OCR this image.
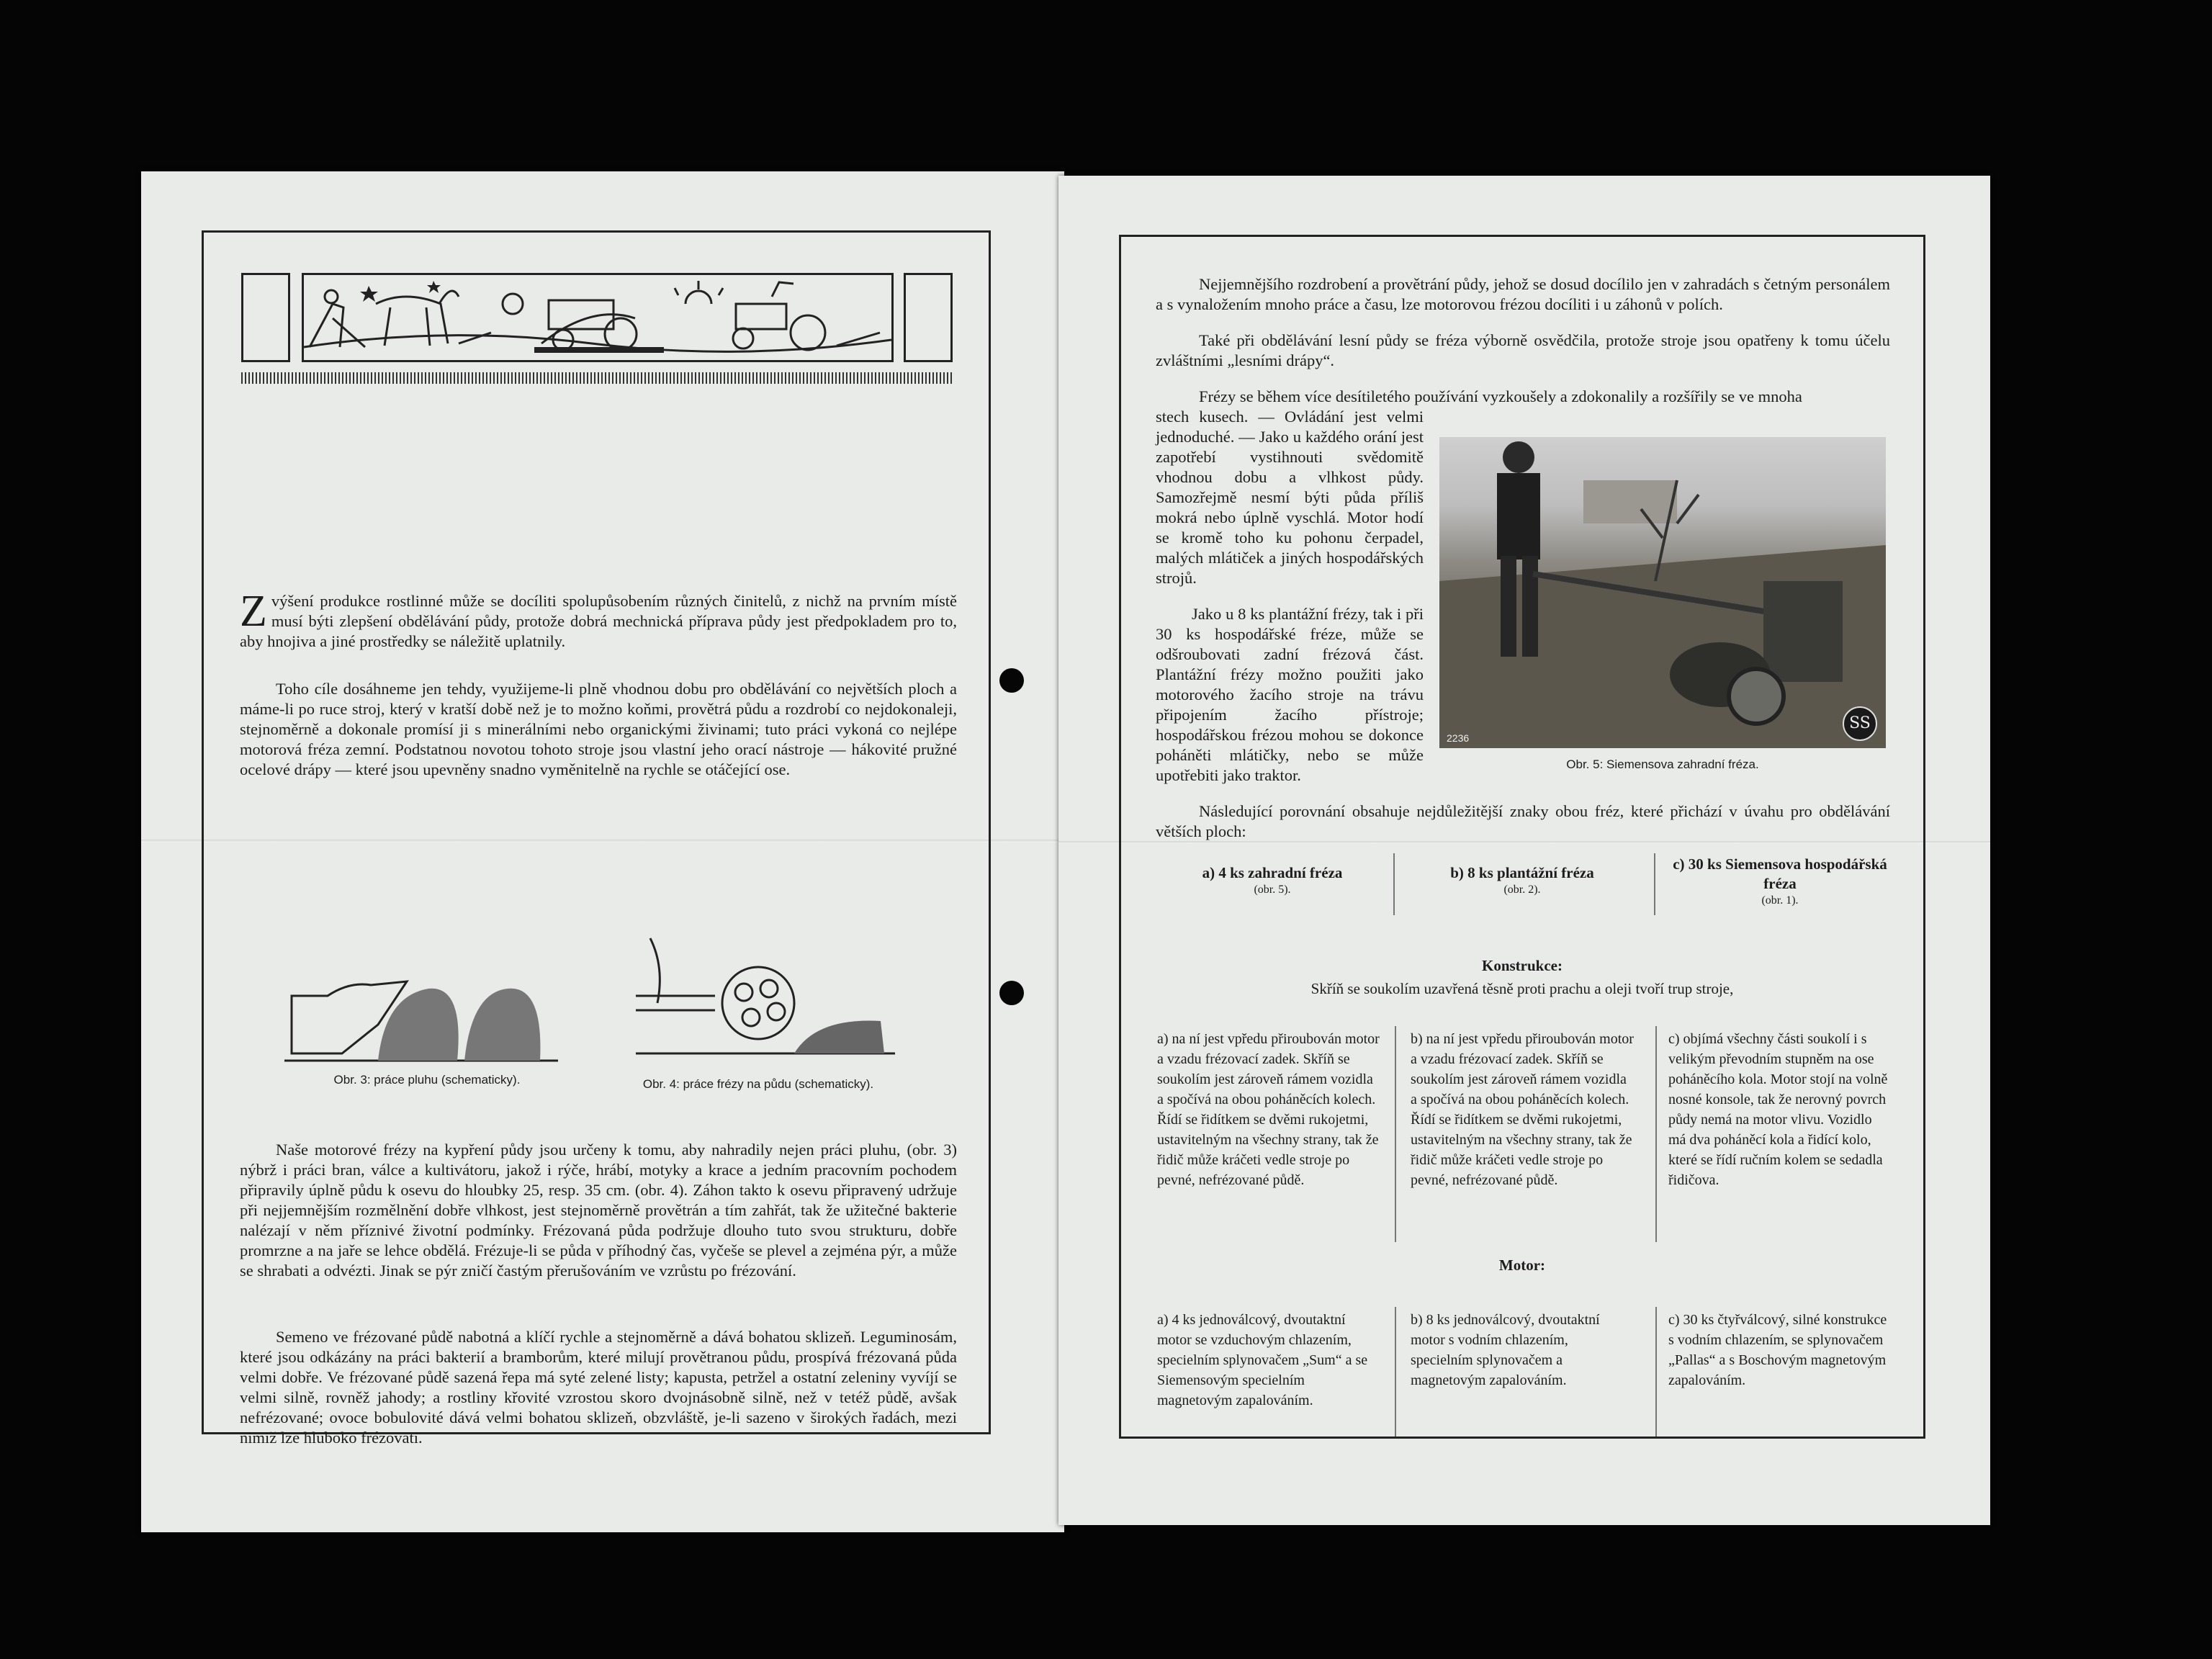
Zvýšení produkce rostlinné může se docíliti spolupůsobením různých činitelů, z nichž na prvním místě musí býti zlepšení obdělávání půdy, protože dobrá mechnická příprava půdy jest předpokladem pro to, aby hnojiva a jiné prostředky se náležitě uplatnily.

Toho cíle dosáhneme jen tehdy, využijeme-li plně vhodnou dobu pro obdělávání co největších ploch a máme-li po ruce stroj, který v kratší době než je to možno koňmi, provětrá půdu a rozdrobí co nejdokonaleji, stejnoměrně a dokonale promísí ji s minerálními nebo organickými živinami; tuto práci vykoná co nejlépe motorová fréza zemní. Podstatnou novotou tohoto stroje jsou vlastní jeho orací nástroje — hákovité pružné ocelové drápy — které jsou upevněny snadno vyměnitelně na rychle se otáčející ose.

Obr. 3: práce pluhu (schematicky).	Obr. 4: práce frézy na půdu (schematicky).

Naše motorové frézy na kypření půdy jsou určeny k tomu, aby nahradily nejen práci pluhu, (obr. 3) nýbrž i práci bran, válce a kultivátoru, jakož i rýče, hrábí, motyky a krace a jedním pracovním pochodem připravily úplně půdu k osevu do hloubky 25, resp. 35 cm. (obr. 4). Záhon takto k osevu připravený udržuje při nejjemnějším rozmělnění dobře vlhkost, jest stejnoměrně provětrán a tím zahřát, tak že užitečné bakterie nalézají v něm příznivé životní podmínky. Frézovaná půda podržuje dlouho tuto svou strukturu, dobře promrzne a na jaře se lehce obdělá. Frézuje-li se půda v příhodný čas, vyčeše se plevel a zejména pýr, a může se shrabati a odvézti. Jinak se pýr zničí častým přerušováním ve vzrůstu po frézování.

Semeno ve frézované půdě nabotná a klíčí rychle a stejnoměrně a dává bohatou sklizeň. Leguminosám, které jsou odkázány na práci bakterií a bramborům, které milují provětranou půdu, prospívá frézovaná půda velmi dobře. Ve frézované půdě sazená řepa má syté zelené listy; kapusta, petržel a ostatní zeleniny vyvíjí se velmi silně, rovněž jahody; a rostliny křovité vzrostou skoro dvojnásobně silně, než v tetéž půdě, avšak nefrézované; ovoce bobulovité dává velmi bohatou sklizeň, obzvláště, je-li sazeno v širokých řadách, mezi nimiž lze hluboko frézovati.

Nejjemnějšího rozdrobení a provětrání půdy, jehož se dosud docílilo jen v zahradách s četným personálem a s vynaložením mnoho práce a času, lze motorovou frézou docíliti i u záhonů v polích.

Také při obdělávání lesní půdy se fréza výborně osvědčila, protože stroje jsou opatřeny k tomu účelu zvláštními „lesními drápy“.

Frézy se během více desítiletého používání vyzkoušely a zdokonalily a rozšířily se ve mnoha

stech kusech. — Ovládání jest velmi jednoduché. — Jako u každého orání jest zapotřebí vystihnouti svědomitě vhodnou dobu a vlhkost půdy. Samozřejmě nesmí býti půda příliš mokrá nebo úplně vyschlá. Motor hodí se kromě toho ku pohonu čerpadel, malých mlátiček a jiných hospodářských strojů.

Jako u 8 ks plantážní frézy, tak i při 30 ks hospodářské fréze, může se odšroubovati zadní frézová část. Plantážní frézy možno použiti jako motorového žacího stroje na trávu připojením žacího přístroje; hospodářskou frézou mohou se dokonce poháněti mlátičky, nebo se může upotřebiti jako traktor.

2236
SS

Obr. 5: Siemensova zahradní fréza.

Následující porovnání obsahuje nejdůležitější znaky obou fréz, které přichází v úvahu pro obdělávání větších ploch:

a) 4 ks zahradní fréza
(obr. 5).
b) 8 ks plantážní fréza
(obr. 2).
c) 30 ks Siemensova hospodářská fréza
(obr. 1).

Konstrukce:

Skříň se soukolím uzavřená těsně proti prachu a oleji tvoří trup stroje,

a) na ní jest vpředu přiroubován motor a vzadu frézovací zadek. Skříň se soukolím jest zároveň rámem vozidla a spočívá na obou poháněcích kolech. Řídí se řidítkem se dvěmi rukojetmi, ustavitelným na všechny strany, tak že řidič může kráčeti vedle stroje po pevné, nefrézované půdě.

b) na ní jest vpředu přiroubován motor a vzadu frézovací zadek. Skříň se soukolím jest zároveň rámem vozidla a spočívá na obou poháněcích kolech. Řídí se řidítkem se dvěmi rukojetmi, ustavitelným na všechny strany, tak že řidič může kráčeti vedle stroje po pevné, nefrézované půdě.

c) objímá všechny části soukolí i s velikým převodním stupněm na ose poháněcího kola. Motor stojí na volně nosné konsole, tak že nerovný povrch půdy nemá na motor vlivu. Vozidlo má dva poháněcí kola a řidící kolo, které se řídí ručním kolem se sedadla řidičova.

Motor:

a) 4 ks jednoválcový, dvoutaktní motor se vzduchovým chlazením, specielním splynovačem „Sum“ a se Siemensovým specielním magnetovým zapalováním.

b) 8 ks jednoválcový, dvoutaktní motor s vodním chlazením, specielním splynovačem a magnetovým zapalováním.

c) 30 ks čtyřválcový, silné konstrukce s vodním chlazením, se splynovačem „Pallas“ a s Boschovým magnetovým zapalováním.
